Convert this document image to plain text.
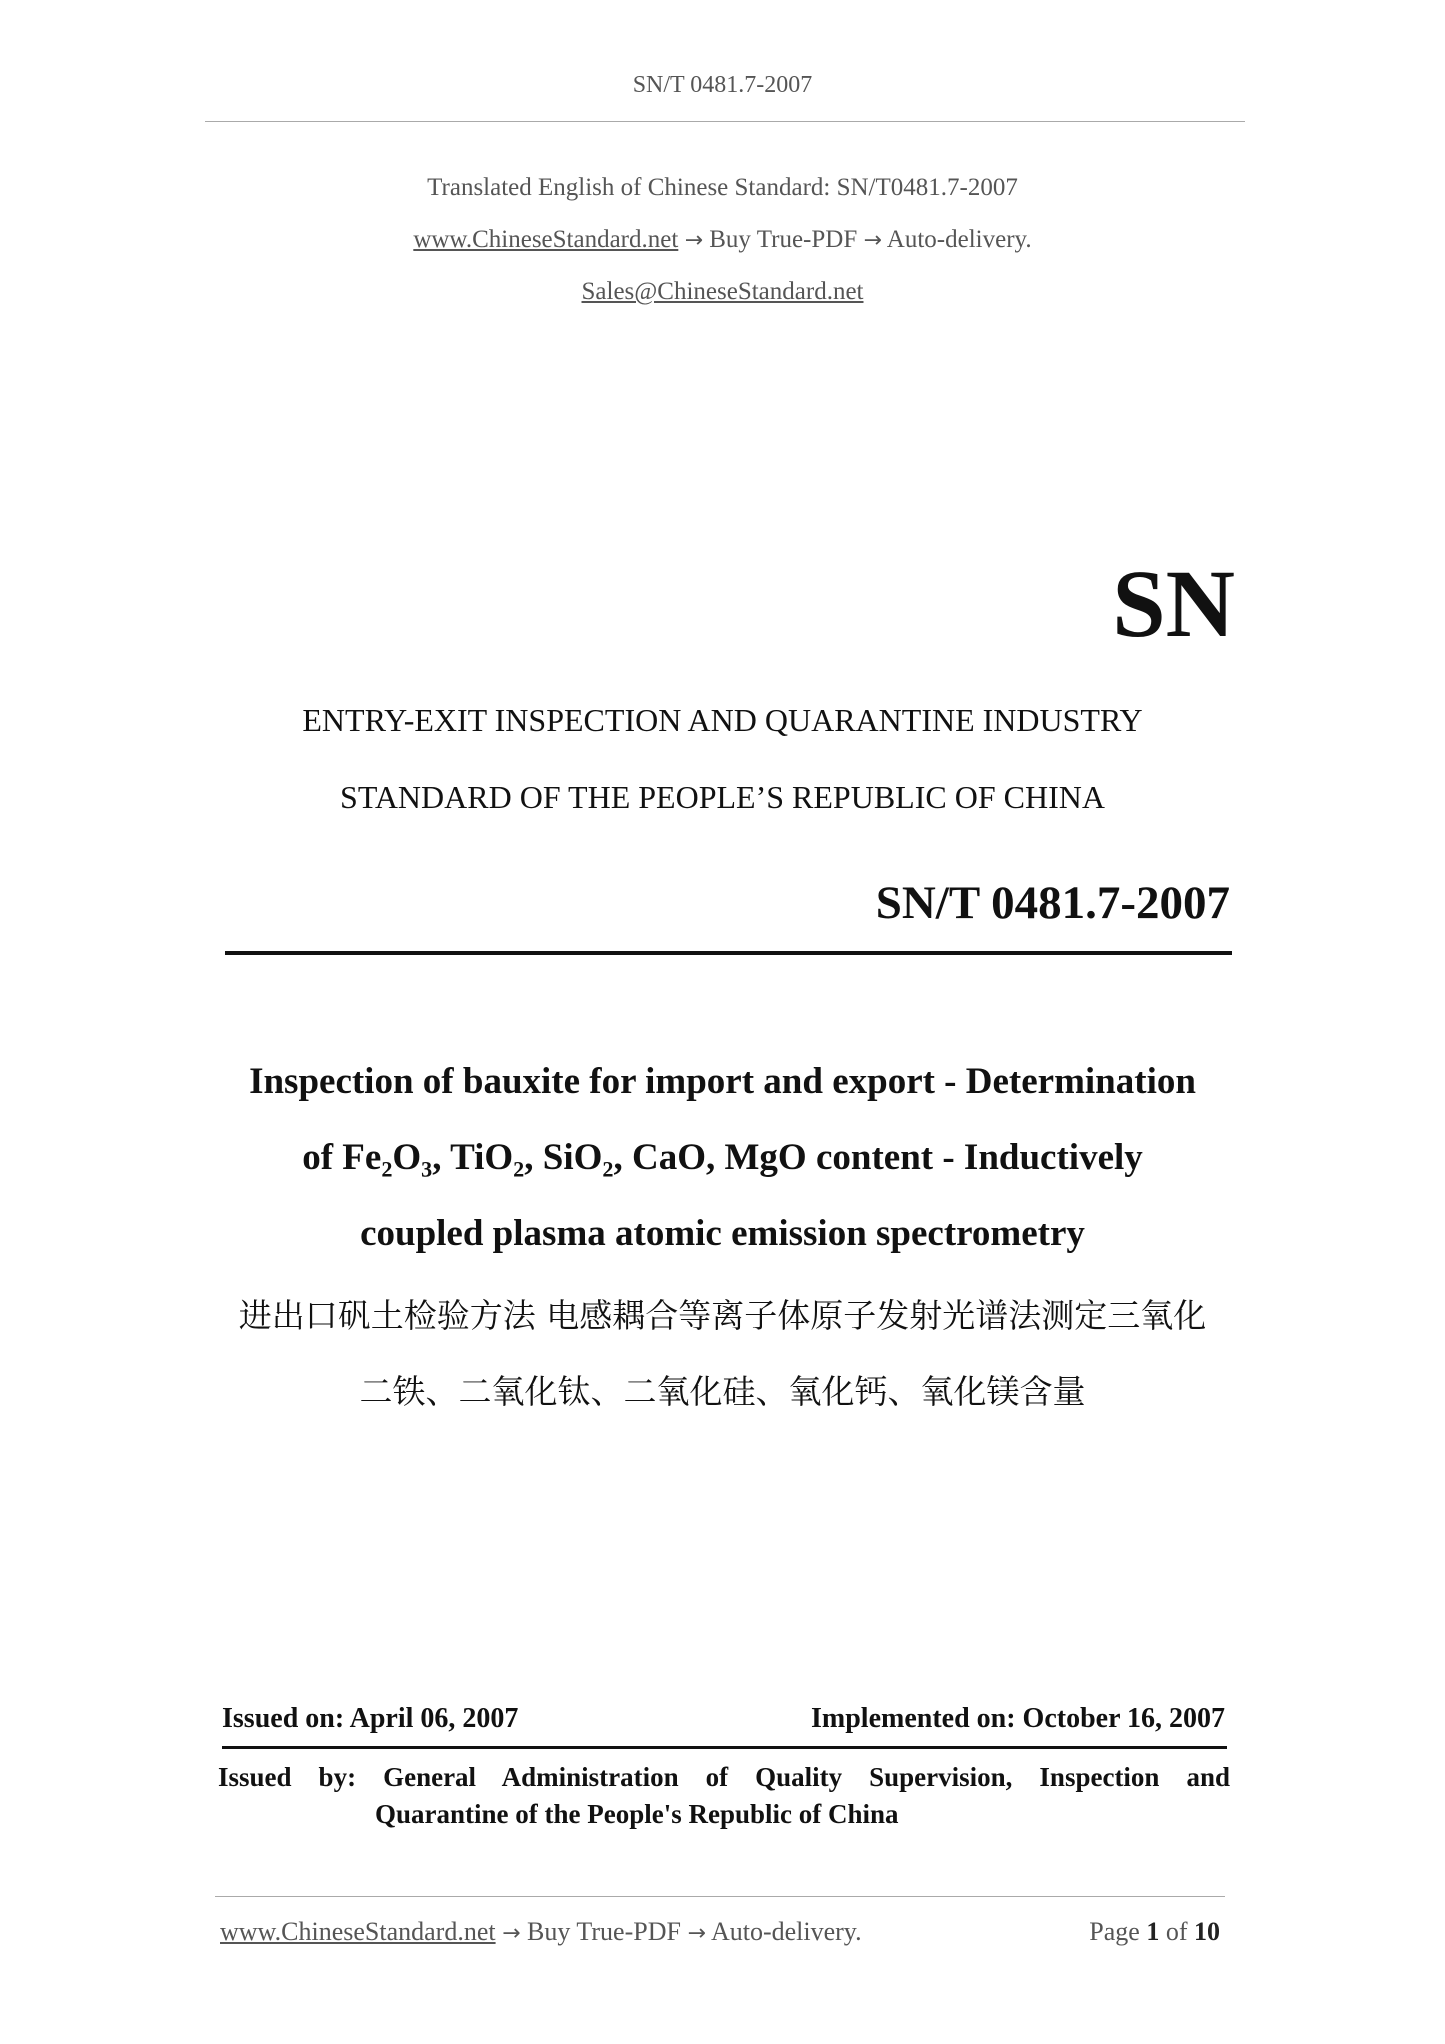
SN/T 0481.7-2007
Translated English of Chinese Standard: SN/T0481.7-2007
www.ChineseStandard.net → Buy True-PDF → Auto-delivery.
Sales@ChineseStandard.net
SN
ENTRY-EXIT INSPECTION AND QUARANTINE INDUSTRY
STANDARD OF THE PEOPLE’S REPUBLIC OF CHINA
SN/T 0481.7-2007
Inspection of bauxite for import and export - Determination
of Fe₂O₃, TiO₂, SiO₂, CaO, MgO content - Inductively
coupled plasma atomic emission spectrometry
进出口矾土检验方法 电感耦合等离子体原子发射光谱法测定三氧化
二铁、二氧化钛、二氧化硅、氧化钙、氧化镁含量
Issued on: April 06, 2007	Implemented on: October 16, 2007
Issued by: General Administration of Quality Supervision, Inspection and
Quarantine of the People's Republic of China
www.ChineseStandard.net → Buy True-PDF → Auto-delivery.	Page 1 of 10
